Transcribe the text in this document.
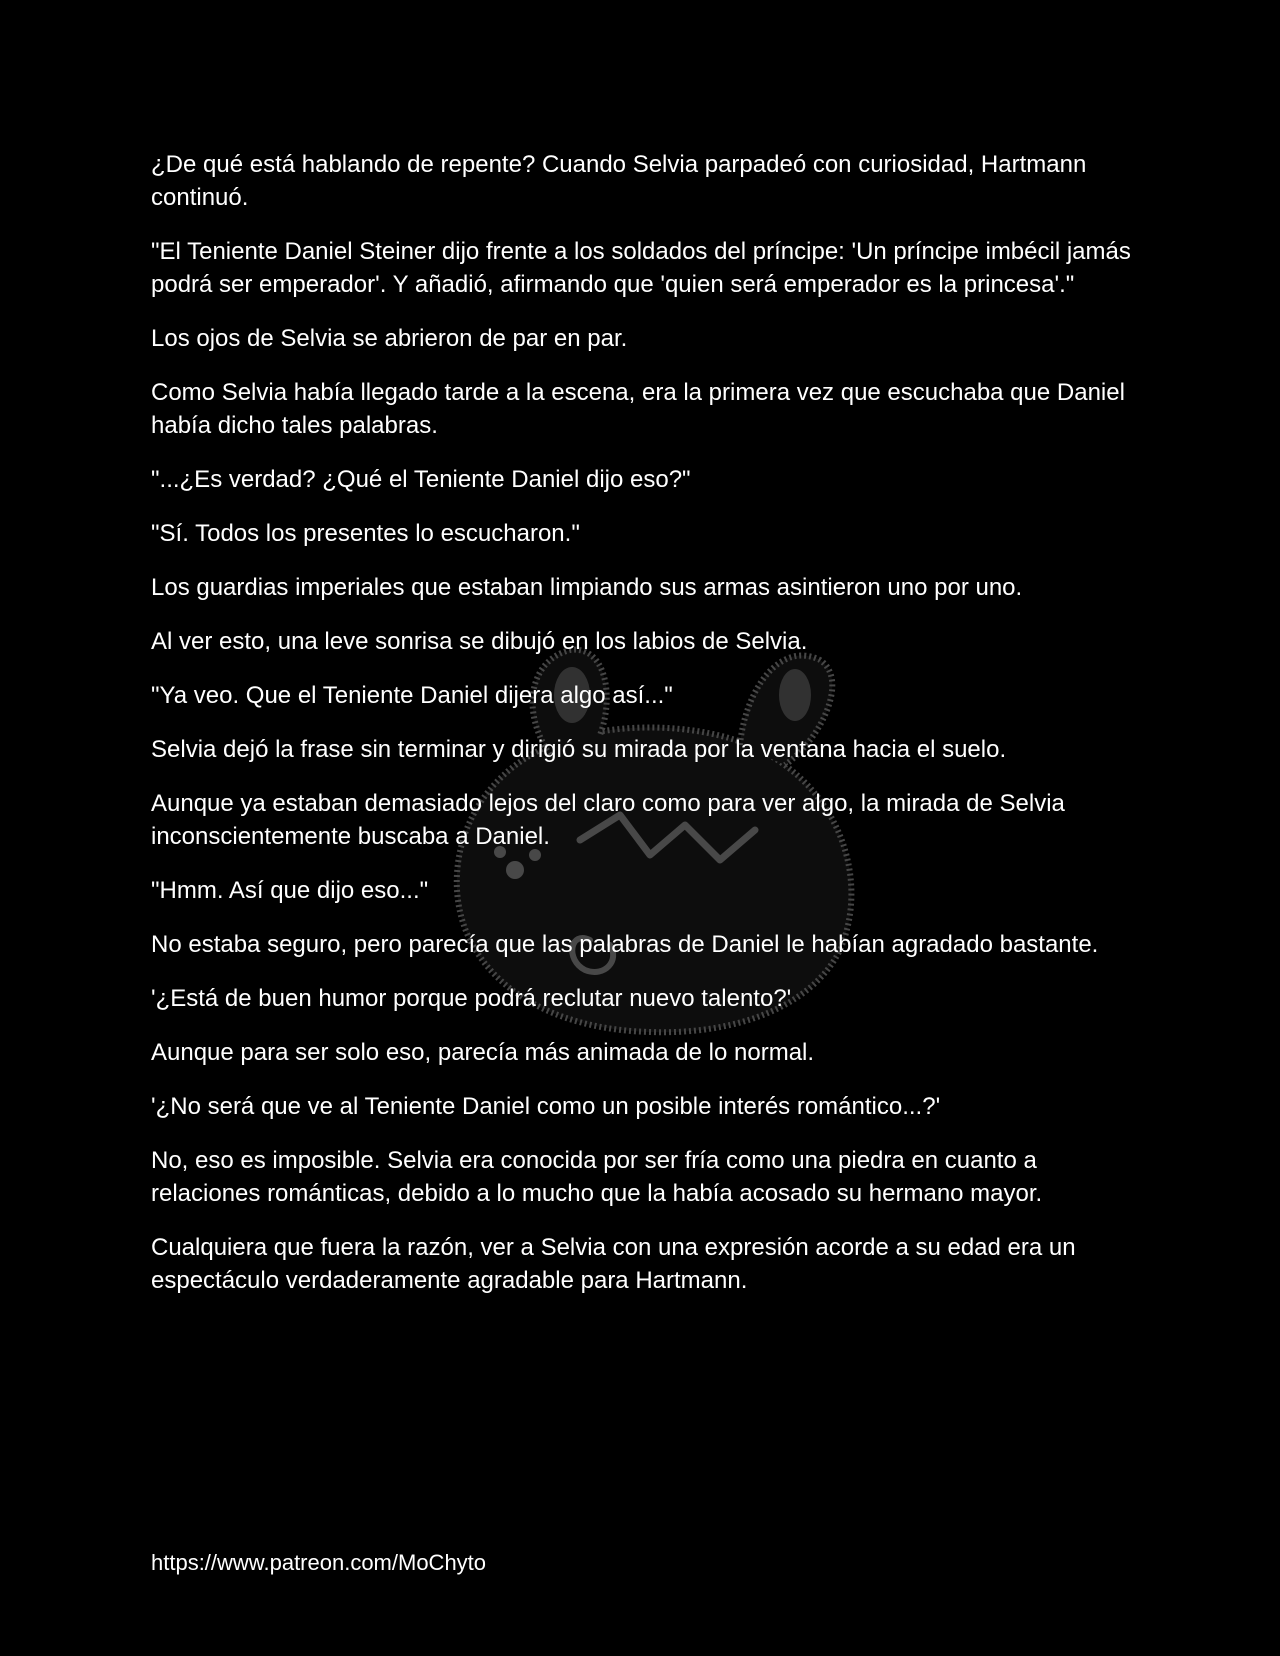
¿De qué está hablando de repente? Cuando Selvia parpadeó con curiosidad, Hartmann continuó.

"El Teniente Daniel Steiner dijo frente a los soldados del príncipe: 'Un príncipe imbécil jamás podrá ser emperador'. Y añadió, afirmando que 'quien será emperador es la princesa'."

Los ojos de Selvia se abrieron de par en par.

Como Selvia había llegado tarde a la escena, era la primera vez que escuchaba que Daniel había dicho tales palabras.

"...¿Es verdad? ¿Qué el Teniente Daniel dijo eso?"

"Sí. Todos los presentes lo escucharon."

Los guardias imperiales que estaban limpiando sus armas asintieron uno por uno.

Al ver esto, una leve sonrisa se dibujó en los labios de Selvia.

"Ya veo. Que el Teniente Daniel dijera algo así..."

Selvia dejó la frase sin terminar y dirigió su mirada por la ventana hacia el suelo.

Aunque ya estaban demasiado lejos del claro como para ver algo, la mirada de Selvia inconscientemente buscaba a Daniel.

"Hmm. Así que dijo eso..."

No estaba seguro, pero parecía que las palabras de Daniel le habían agradado bastante.

'¿Está de buen humor porque podrá reclutar nuevo talento?'

Aunque para ser solo eso, parecía más animada de lo normal.

'¿No será que ve al Teniente Daniel como un posible interés romántico...?'

No, eso es imposible. Selvia era conocida por ser fría como una piedra en cuanto a relaciones románticas, debido a lo mucho que la había acosado su hermano mayor.

Cualquiera que fuera la razón, ver a Selvia con una expresión acorde a su edad era un espectáculo verdaderamente agradable para Hartmann.

https://www.patreon.com/MoChyto
